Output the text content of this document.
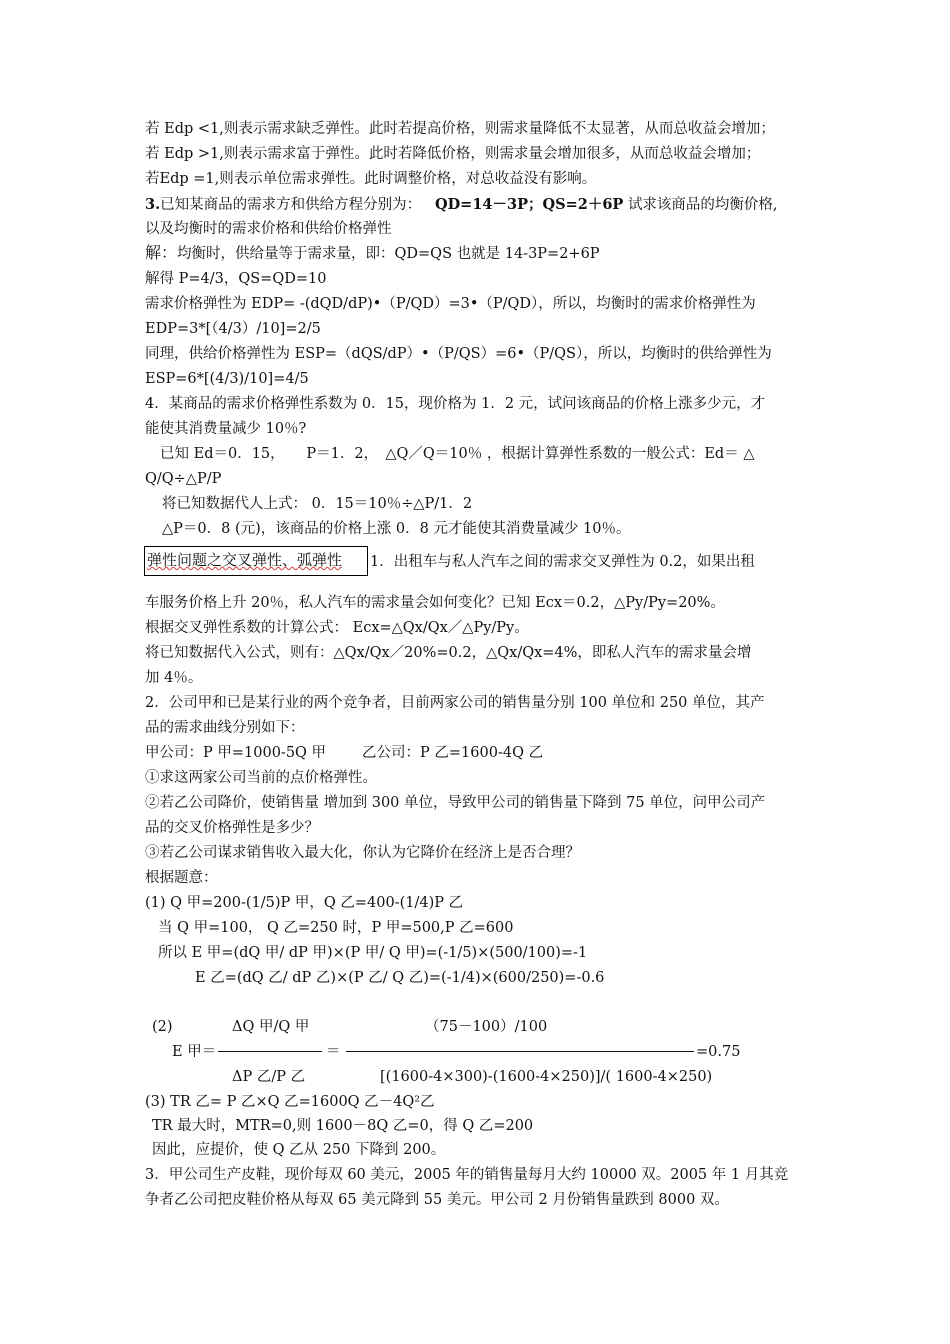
若 Edp <1,则表示需求缺乏弹性。此时若提高价格，则需求量降低不太显著，从而总收益会增加；
若 Edp >1,则表示需求富于弹性。此时若降低价格，则需求量会增加很多，从而总收益会增加；
若Edp =1,则表示单位需求弹性。此时调整价格，对总收益没有影响。
3.已知某商品的需求方和供给方程分别为： QD=14－3P；QS=2＋6P 试求该商品的均衡价格,
以及均衡时的需求价格和供给价格弹性
解：均衡时，供给量等于需求量，即：QD=QS 也就是 14-3P=2+6P
解得 P=4/3，QS=QD=10
需求价格弹性为 EDP= -(dQD/dP)•（P/QD）=3•（P/QD），所以，均衡时的需求价格弹性为
EDP=3*[（4/3）/10]=2/5
同理，供给价格弹性为 ESP=（dQS/dP）•（P/QS）=6•（P/QS），所以，均衡时的供给弹性为
ESP=6*[(4/3)/10]=4/5
4．某商品的需求价格弹性系数为 0．15，现价格为 1．2 元，试问该商品的价格上涨多少元，才
能使其消费量减少 10％?
已知 Ed＝0．15，　　P＝1．2，　△Q／Q＝10％ ，根据计算弹性系数的一般公式：Ed＝ △
Q/Q÷△P/P
将已知数据代人上式： 0．15＝10％÷△P/1．2
△P＝0．8 (元)，该商品的价格上涨 0．8 元才能使其消费量减少 10％。
弹性问题之交叉弹性、弧弹性	1．出租车与私人汽车之间的需求交叉弹性为 0.2，如果出租
车服务价格上升 20％，私人汽车的需求量会如何变化？已知 Ecx＝0.2，△Py/Py=20%。
根据交叉弹性系数的计算公式： Ecx=△Qx/Qx／△Py/Py。
将已知数据代入公式，则有：△Qx/Qx／20%=0.2，△Qx/Qx=4%，即私人汽车的需求量会增
加 4％。
2．公司甲和已是某行业的两个竞争者，目前两家公司的销售量分别 100 单位和 250 单位，其产
品的需求曲线分别如下：
甲公司：P 甲=1000-5Q 甲 乙公司：P 乙=1600-4Q 乙
①求这两家公司当前的点价格弹性。
②若乙公司降价，使销售量 增加到 300 单位，导致甲公司的销售量下降到 75 单位，问甲公司产
品的交叉价格弹性是多少？
③若乙公司谋求销售收入最大化，你认为它降价在经济上是否合理？
根据题意：
(1) Q 甲=200-(1/5)P 甲，Q 乙=400-(1/4)P 乙
当 Q 甲=100， Q 乙=250 时，P 甲=500,P 乙=600
所以 E 甲=(dQ 甲/ dP 甲)×(P 甲/ Q 甲)=(-1/5)×(500/100)=-1
E 乙=(dQ 乙/ dP 乙)×(P 乙/ Q 乙)=(-1/4)×(600/250)=-0.6
(2)	ΔQ 甲/Q 甲	（75－100）/100
E 甲＝	＝	=0.75
ΔP 乙/P 乙	[(1600-4×300)-(1600-4×250)]/( 1600-4×250)
(3) TR 乙= P 乙×Q 乙=1600Q 乙－4Q²乙
TR 最大时，MTR=0,则 1600－8Q 乙=0，得 Q 乙=200
因此，应提价，使 Q 乙从 250 下降到 200。
3．甲公司生产皮鞋，现价每双 60 美元，2005 年的销售量每月大约 10000 双。2005 年 1 月其竞
争者乙公司把皮鞋价格从每双 65 美元降到 55 美元。甲公司 2 月份销售量跌到 8000 双。
